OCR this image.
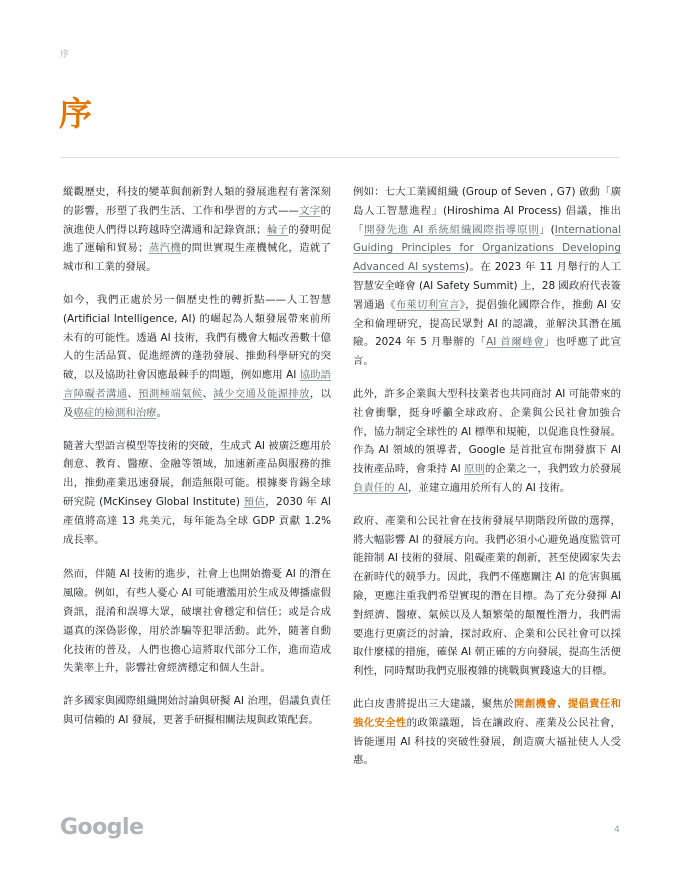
序
序

縱觀歷史，科技的變革與創新對人類的發展進程有著深刻的影響，形塑了我們生活、工作和學習的方式——文字的演進使人們得以跨越時空溝通和記錄資訊；輪子的發明促進了運輸和貿易；蒸汽機的問世實現生產機械化，造就了城市和工業的發展。

如今，我們正處於另一個歷史性的轉折點——人工智慧 (Artificial Intelligence, AI) 的崛起為人類發展帶來前所未有的可能性。透過 AI 技術，我們有機會大幅改善數十億人的生活品質、促進經濟的蓬勃發展、推動科學研究的突破，以及協助社會因應最棘手的問題，例如應用 AI 協助語言障礙者溝通、預測極端氣候、減少交通及能源排放，以及癌症的檢測和治療。

隨著大型語言模型等技術的突破，生成式 AI 被廣泛應用於創意、教育、醫療、金融等領域，加速新產品與服務的推出，推動產業迅速發展，創造無限可能。根據麥肯錫全球研究院 (McKinsey Global Institute) 預估，2030 年 AI 產值將高達 13 兆美元，每年能為全球 GDP 貢獻 1.2% 成長率。

然而，伴隨 AI 技術的進步，社會上也開始擔憂 AI 的潛在風險。例如，有些人憂心 AI 可能遭濫用於生成及傳播虛假資訊，混淆和誤導大眾，破壞社會穩定和信任；或是合成逼真的深偽影像，用於詐騙等犯罪活動。此外，隨著自動化技術的普及，人們也擔心這將取代部分工作，進而造成失業率上升，影響社會經濟穩定和個人生計。

許多國家與國際組織開始討論與研擬 AI 治理，倡議負責任與可信賴的 AI 發展，更著手研擬相關法規與政策配套。

例如：七大工業國組織 (Group of Seven , G7) 啟動「廣島人工智慧進程」(Hiroshima AI Process) 倡議，推出「開發先進 AI 系統組織國際指導原則」(International Guiding Principles for Organizations Developing Advanced AI systems)。在 2023 年 11 月舉行的人工智慧安全峰會 (AI Safety Summit) 上，28 國政府代表簽署通過《布萊切利宣言》，提倡強化國際合作，推動 AI 安全和倫理研究，提高民眾對 AI 的認識，並解決其潛在風險。2024 年 5 月舉辦的「AI 首爾峰會」也呼應了此宣言。

此外，許多企業與大型科技業者也共同商討 AI 可能帶來的社會衝擊，挺身呼籲全球政府、企業與公民社會加強合作，協力制定全球性的 AI 標準和規範，以促進良性發展。作為 AI 領域的領導者，Google 是首批宣布開發旗下 AI 技術產品時，會秉持 AI 原則的企業之一，我們致力於發展負責任的 AI，並建立適用於所有人的 AI 技術。

政府、產業和公民社會在技術發展早期階段所做的選擇，將大幅影響 AI 的發展方向。我們必須小心避免過度監管可能箝制 AI 技術的發展、阻礙產業的創新，甚至使國家失去在新時代的競爭力。因此，我們不僅應關注 AI 的危害與風險，更應注重我們希望實現的潛在目標。為了充分發揮 AI 對經濟、醫療、氣候以及人類繁榮的顛覆性潛力，我們需要進行更廣泛的討論，探討政府、企業和公民社會可以採取什麼樣的措施，確保 AI 朝正確的方向發展，提高生活便利性，同時幫助我們克服複雜的挑戰與實踐遠大的目標。

此白皮書將提出三大建議，聚焦於開創機會、提倡責任和強化安全性的政策議題，旨在讓政府、產業及公民社會，皆能運用 AI 科技的突破性發展，創造廣大福祉使人人受惠。

Google	4
